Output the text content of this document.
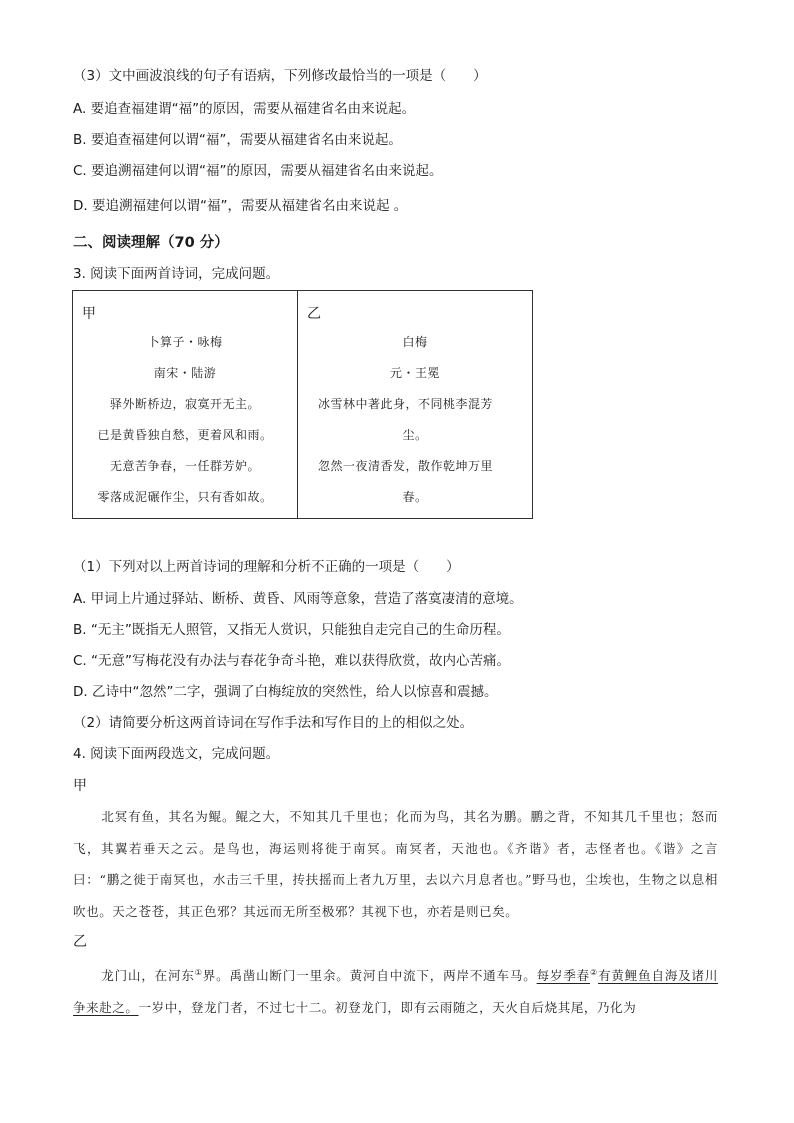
（3）文中画波浪线的句子有语病，下列修改最恰当的一项是（　　）
A. 要追查福建谓“福”的原因，需要从福建省名由来说起。
B. 要追查福建何以谓“福”，需要从福建省名由来说起。
C. 要追溯福建何以谓“福”的原因，需要从福建省名由来说起。
D. 要追溯福建何以谓“福”，需要从福建省名由来说起 。
二、阅读理解（70 分）
3. 阅读下面两首诗词，完成问题。
甲
卜算子・咏梅
南宋・陆游
驿外断桥边，寂寞开无主。
已是黄昏独自愁，更着风和雨。
无意苦争春，一任群芳妒。
零落成泥碾作尘，只有香如故。
乙
白梅
元・王冕
冰雪林中著此身，不同桃李混芳
尘。
忽然一夜清香发，散作乾坤万里
春。
（1）下列对以上两首诗词的理解和分析不正确的一项是（　　）
A. 甲词上片通过驿站、断桥、黄昏、风雨等意象，营造了落寞凄清的意境。
B. “无主”既指无人照管，又指无人赏识，只能独自走完自己的生命历程。
C. “无意”写梅花没有办法与春花争奇斗艳，难以获得欣赏，故内心苦痛。
D. 乙诗中“忽然”二字，强调了白梅绽放的突然性，给人以惊喜和震撼。
（2）请简要分析这两首诗词在写作手法和写作目的上的相似之处。
4. 阅读下面两段选文，完成问题。
甲
北冥有鱼，其名为鲲。鲲之大，不知其几千里也；化而为鸟，其名为鹏。鹏之背，不知其几千里也；怒而飞，其翼若垂天之云。是鸟也，海运则将徙于南冥。南冥者，天池也。《齐谐》者，志怪者也。《谐》之言曰：“鹏之徙于南冥也，水击三千里，抟扶摇而上者九万里，去以六月息者也。”野马也，尘埃也，生物之以息相吹也。天之苍苍，其正色邪？其远而无所至极邪？其视下也，亦若是则已矣。
乙
龙门山，在河东①界。禹凿山断门一里余。黄河自中流下，两岸不通车马。每岁季春②有黄鲤鱼自海及诸川争来赴之。一岁中，登龙门者，不过七十二。初登龙门，即有云雨随之，天火自后烧其尾，乃化为
